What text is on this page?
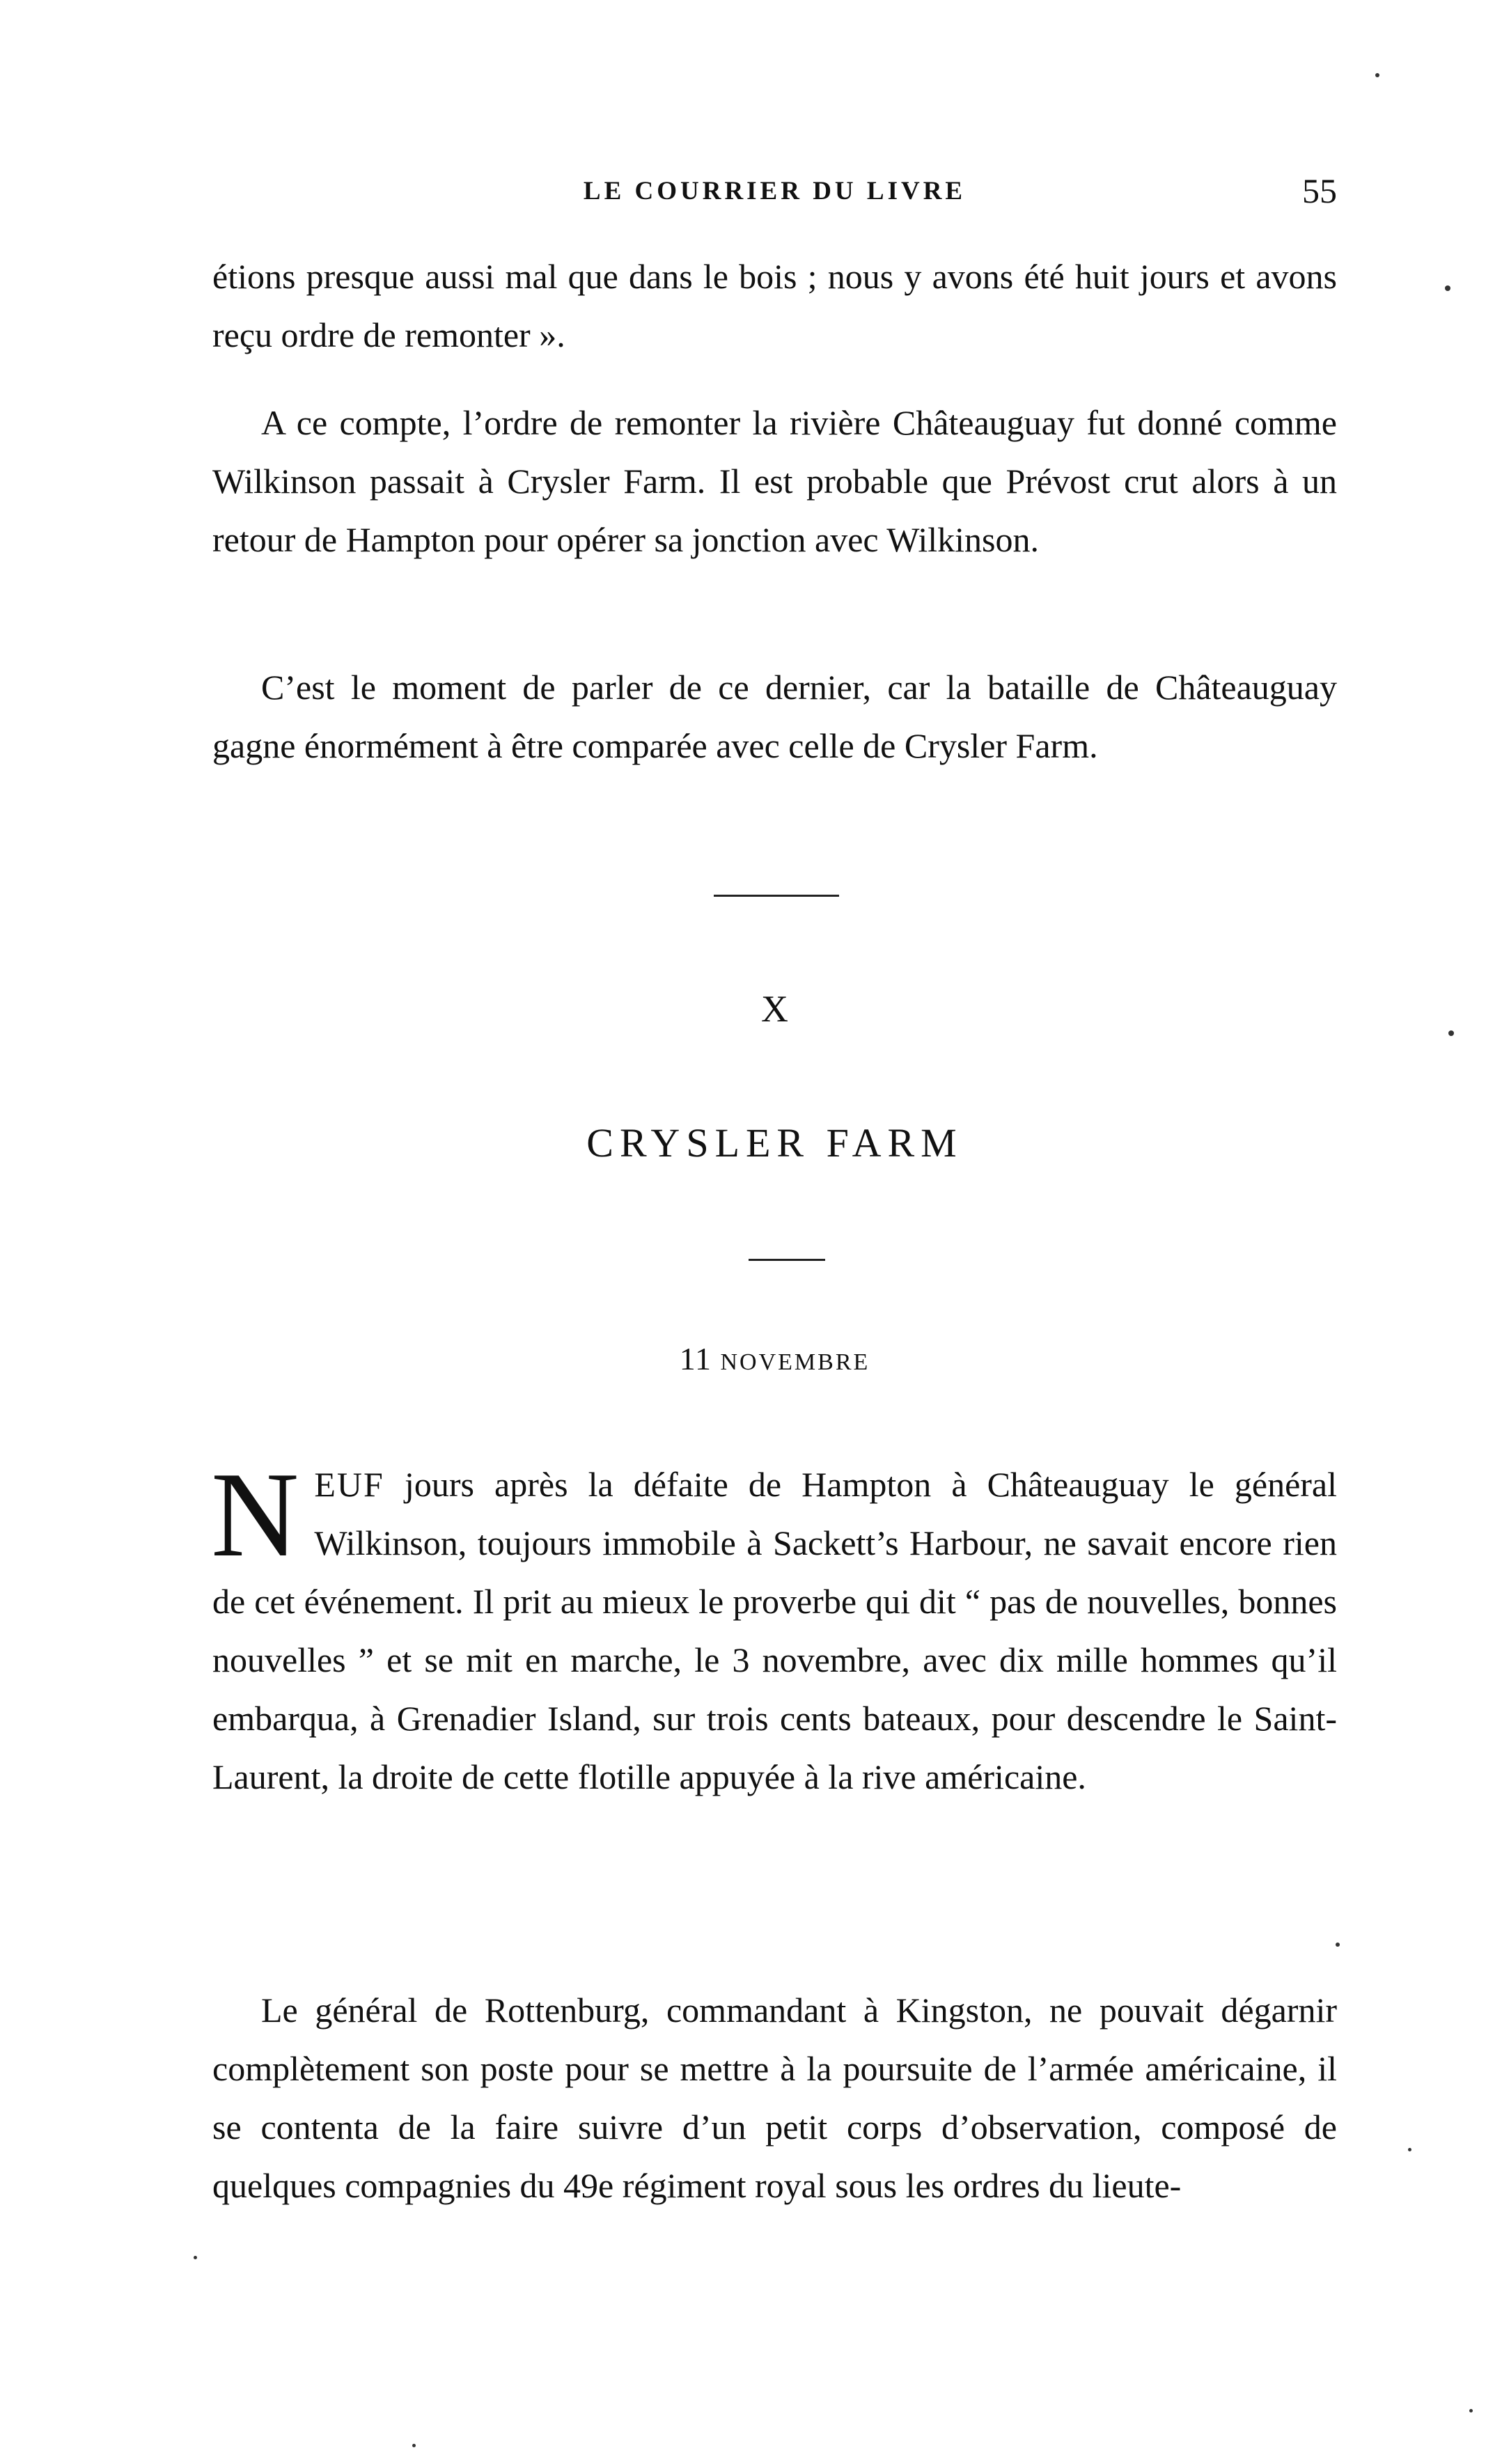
LE COURRIER DU LIVRE	55

étions presque aussi mal que dans le bois ; nous y avons été huit jours et avons reçu ordre de remonter ».

A ce compte, l’ordre de remonter la rivière Châteauguay fut donné comme Wilkinson passait à Crysler Farm. Il est probable que Prévost crut alors à un retour de Hampton pour opérer sa jonction avec Wilkinson.

C’est le moment de parler de ce dernier, car la bataille de Châteauguay gagne énormément à être comparée avec celle de Crysler Farm.

X

CRYSLER FARM

11 NOVEMBRE

NEUF jours après la défaite de Hampton à Châteauguay le général Wilkinson, toujours immobile à Sackett’s Harbour, ne savait encore rien de cet événement. Il prit au mieux le proverbe qui dit “ pas de nouvelles, bonnes nouvelles ” et se mit en marche, le 3 novembre, avec dix mille hommes qu’il embarqua, à Grenadier Island, sur trois cents bateaux, pour descendre le Saint-Laurent, la droite de cette flotille appuyée à la rive américaine.

Le général de Rottenburg, commandant à Kingston, ne pouvait dégarnir complètement son poste pour se mettre à la poursuite de l’armée américaine, il se contenta de la faire suivre d’un petit corps d’observation, composé de quelques compagnies du 49e régiment royal sous les ordres du lieute-
